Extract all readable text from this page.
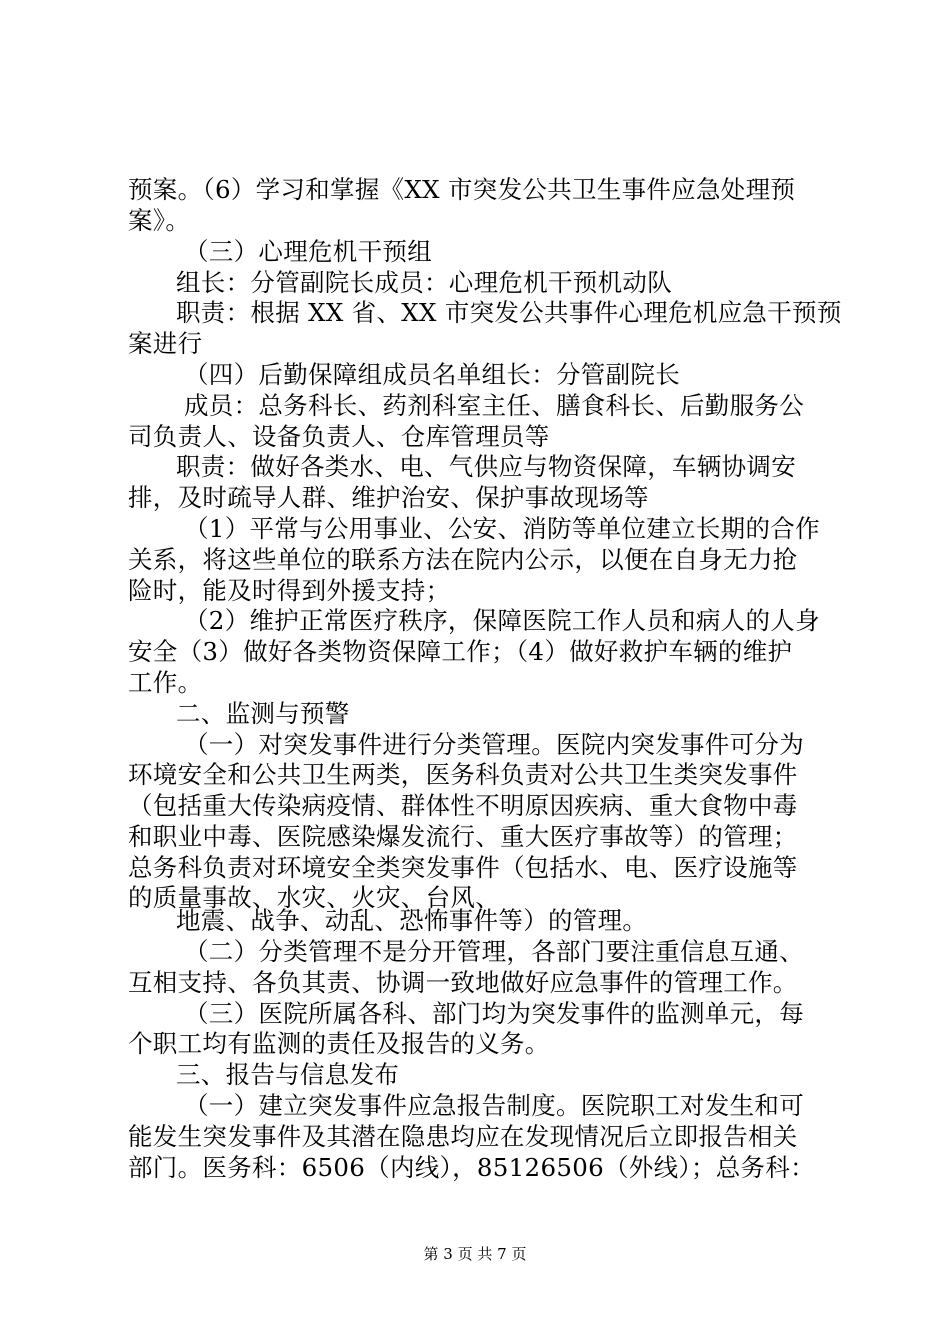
预案。（6）学习和掌握《XX 市突发公共卫生事件应急处理预
案》。
（三）心理危机干预组
组长：分管副院长成员：心理危机干预机动队
职责：根据 XX 省、XX 市突发公共事件心理危机应急干预预
案进行
（四）后勤保障组成员名单组长：分管副院长
成员：总务科长、药剂科室主任、膳食科长、后勤服务公
司负责人、设备负责人、仓库管理员等
职责：做好各类水、电、气供应与物资保障，车辆协调安
排，及时疏导人群、维护治安、保护事故现场等
（1）平常与公用事业、公安、消防等单位建立长期的合作
关系，将这些单位的联系方法在院内公示，以便在自身无力抢
险时，能及时得到外援支持；
（2）维护正常医疗秩序，保障医院工作人员和病人的人身
安全（3）做好各类物资保障工作；（4）做好救护车辆的维护
工作。
二、监测与预警
（一）对突发事件进行分类管理。医院内突发事件可分为
环境安全和公共卫生两类，医务科负责对公共卫生类突发事件
（包括重大传染病疫情、群体性不明原因疾病、重大食物中毒
和职业中毒、医院感染爆发流行、重大医疗事故等）的管理；
总务科负责对环境安全类突发事件（包括水、电、医疗设施等
的质量事故、水灾、火灾、台风、
地震、战争、动乱、恐怖事件等）的管理。
（二）分类管理不是分开管理，各部门要注重信息互通、
互相支持、各负其责、协调一致地做好应急事件的管理工作。
（三）医院所属各科、部门均为突发事件的监测单元，每
个职工均有监测的责任及报告的义务。
三、报告与信息发布
（一）建立突发事件应急报告制度。医院职工对发生和可
能发生突发事件及其潜在隐患均应在发现情况后立即报告相关
部门。医务科：6506（内线），85126506（外线）；总务科：
第 3 页 共 7 页
